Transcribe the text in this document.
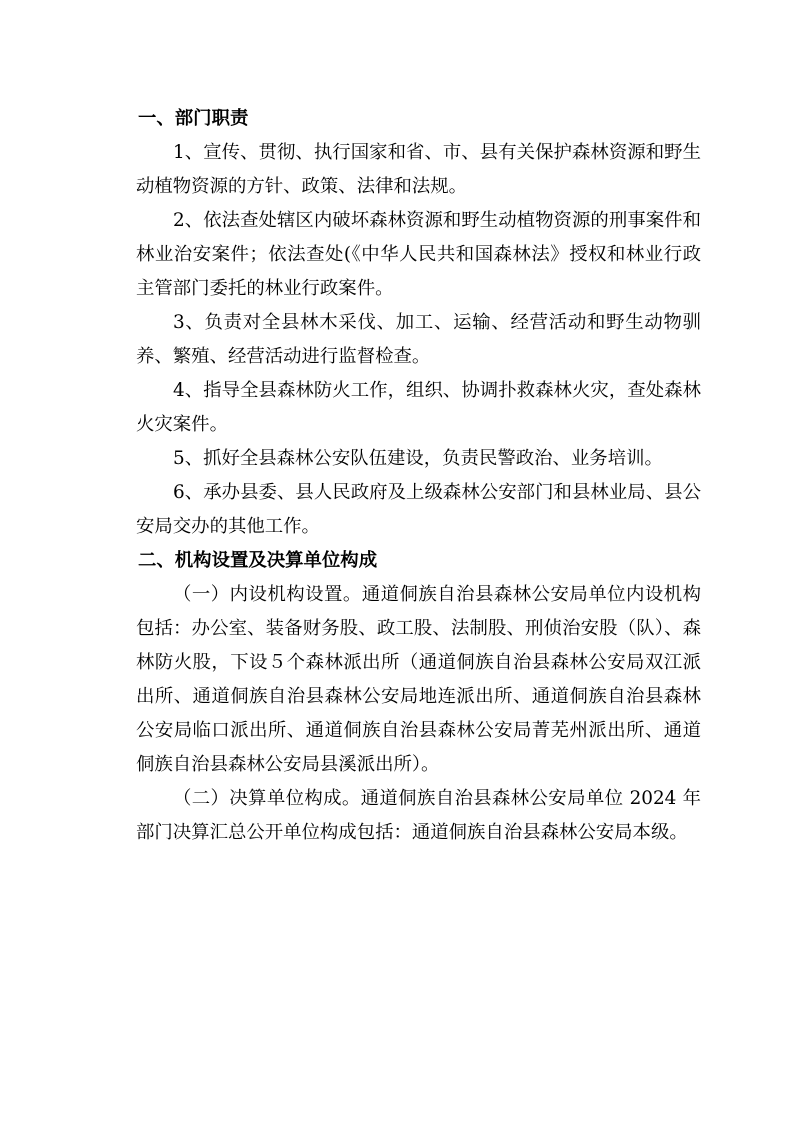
一、部门职责

1、宣传、贯彻、执行国家和省、市、县有关保护森林资源和野生动植物资源的方针、政策、法律和法规。

2、依法查处辖区内破坏森林资源和野生动植物资源的刑事案件和林业治安案件；依法查处(《中华人民共和国森林法》授权和林业行政主管部门委托的林业行政案件。

3、负责对全县林木采伐、加工、运输、经营活动和野生动物驯养、繁殖、经营活动进行监督检查。

4、指导全县森林防火工作，组织、协调扑救森林火灾，查处森林火灾案件。

5、抓好全县森林公安队伍建设，负责民警政治、业务培训。

6、承办县委、县人民政府及上级森林公安部门和县林业局、县公安局交办的其他工作。

二、机构设置及决算单位构成

（一）内设机构设置。通道侗族自治县森林公安局单位内设机构包括：办公室、装备财务股、政工股、法制股、刑侦治安股（队）、森林防火股，下设５个森林派出所（通道侗族自治县森林公安局双江派出所、通道侗族自治县森林公安局地连派出所、通道侗族自治县森林公安局临口派出所、通道侗族自治县森林公安局菁芜州派出所、通道侗族自治县森林公安局县溪派出所）。

（二）决算单位构成。通道侗族自治县森林公安局单位 2024 年部门决算汇总公开单位构成包括：通道侗族自治县森林公安局本级。
